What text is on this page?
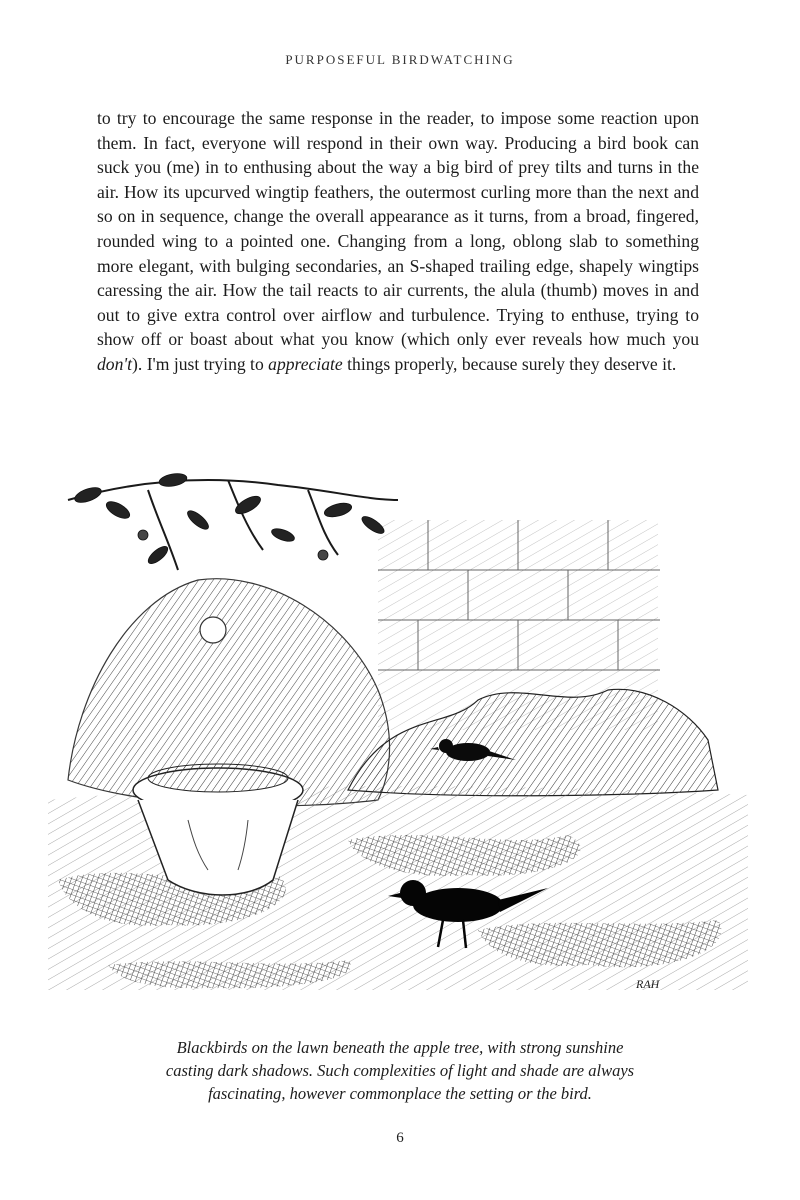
PURPOSEFUL BIRDWATCHING

to try to encourage the same response in the reader, to impose some reaction upon them. In fact, everyone will respond in their own way. Producing a bird book can suck you (me) in to enthusing about the way a big bird of prey tilts and turns in the air. How its upcurved wingtip feathers, the outermost curling more than the next and so on in sequence, change the overall appearance as it turns, from a broad, fingered, rounded wing to a pointed one. Changing from a long, oblong slab to something more elegant, with bulging secondaries, an S-shaped trailing edge, shapely wingtips caressing the air. How the tail reacts to air currents, the alula (thumb) moves in and out to give extra control over airflow and turbulence. Trying to enthuse, trying to show off or boast about what you know (which only ever reveals how much you don't). I'm just trying to appreciate things properly, because surely they deserve it.

RAH

Blackbirds on the lawn beneath the apple tree, with strong sunshine
casting dark shadows. Such complexities of light and shade are always
fascinating, however commonplace the setting or the bird.

6
